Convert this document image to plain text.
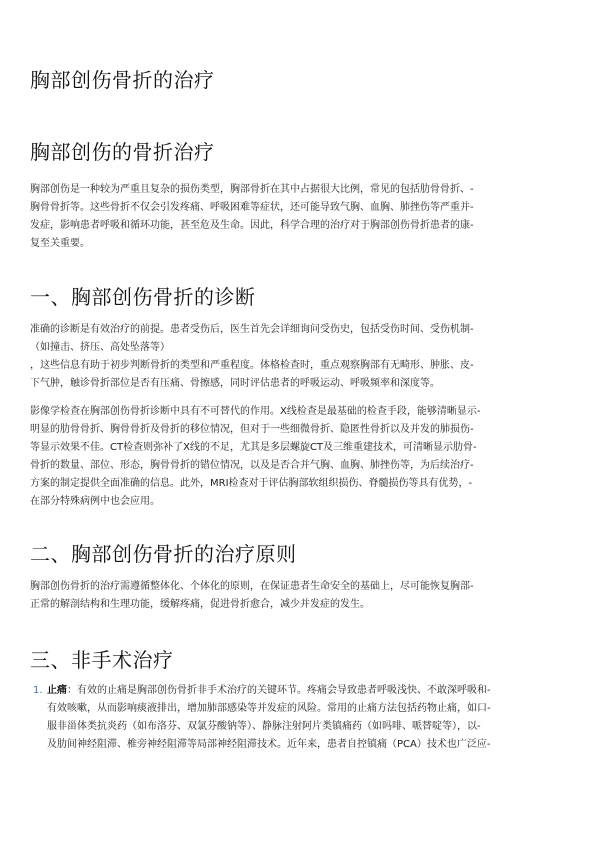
胸部创伤骨折的治疗
胸部创伤的骨折治疗
胸部创伤是一种较为严重且复杂的损伤类型，胸部骨折在其中占据很大比例，常见的包括肋骨骨折、-
胸骨骨折等。这些骨折不仅会引发疼痛、呼吸困难等症状，还可能导致气胸、血胸、肺挫伤等严重并-
发症，影响患者呼吸和循环功能，甚至危及生命。因此，科学合理的治疗对于胸部创伤骨折患者的康-
复至关重要。
一、胸部创伤骨折的诊断
准确的诊断是有效治疗的前提。患者受伤后，医生首先会详细询问受伤史，包括受伤时间、受伤机制-
（如撞击、挤压、高处坠落等）
，这些信息有助于初步判断骨折的类型和严重程度。体格检查时，重点观察胸部有无畸形、肿胀、皮-
下气肿，触诊骨折部位是否有压痛、骨擦感，同时评估患者的呼吸运动、呼吸频率和深度等。
影像学检查在胸部创伤骨折诊断中具有不可替代的作用。X线检查是最基础的检查手段，能够清晰显示-
明显的肋骨骨折、胸骨骨折及骨折的移位情况，但对于一些细微骨折、隐匿性骨折以及并发的肺损伤-
等显示效果不佳。CT检查则弥补了X线的不足，尤其是多层螺旋CT及三维重建技术，可清晰显示肋骨-
骨折的数量、部位、形态，胸骨骨折的错位情况，以及是否合并气胸、血胸、肺挫伤等，为后续治疗-
方案的制定提供全面准确的信息。此外，MRI检查对于评估胸部软组织损伤、脊髓损伤等具有优势，-
在部分特殊病例中也会应用。
二、胸部创伤骨折的治疗原则
胸部创伤骨折的治疗需遵循整体化、个体化的原则，在保证患者生命安全的基础上，尽可能恢复胸部-
正常的解剖结构和生理功能，缓解疼痛，促进骨折愈合，减少并发症的发生。
三、非手术治疗
1. 止痛：有效的止痛是胸部创伤骨折非手术治疗的关键环节。疼痛会导致患者呼吸浅快、不敢深呼吸和-
有效咳嗽，从而影响痰液排出，增加肺部感染等并发症的风险。常用的止痛方法包括药物止痛，如口-
服非甾体类抗炎药（如布洛芬、双氯芬酸钠等）、静脉注射阿片类镇痛药（如吗啡、哌替啶等），以-
及肋间神经阻滞、椎旁神经阻滞等局部神经阻滞技术。近年来，患者自控镇痛（PCA）技术也广泛应-
